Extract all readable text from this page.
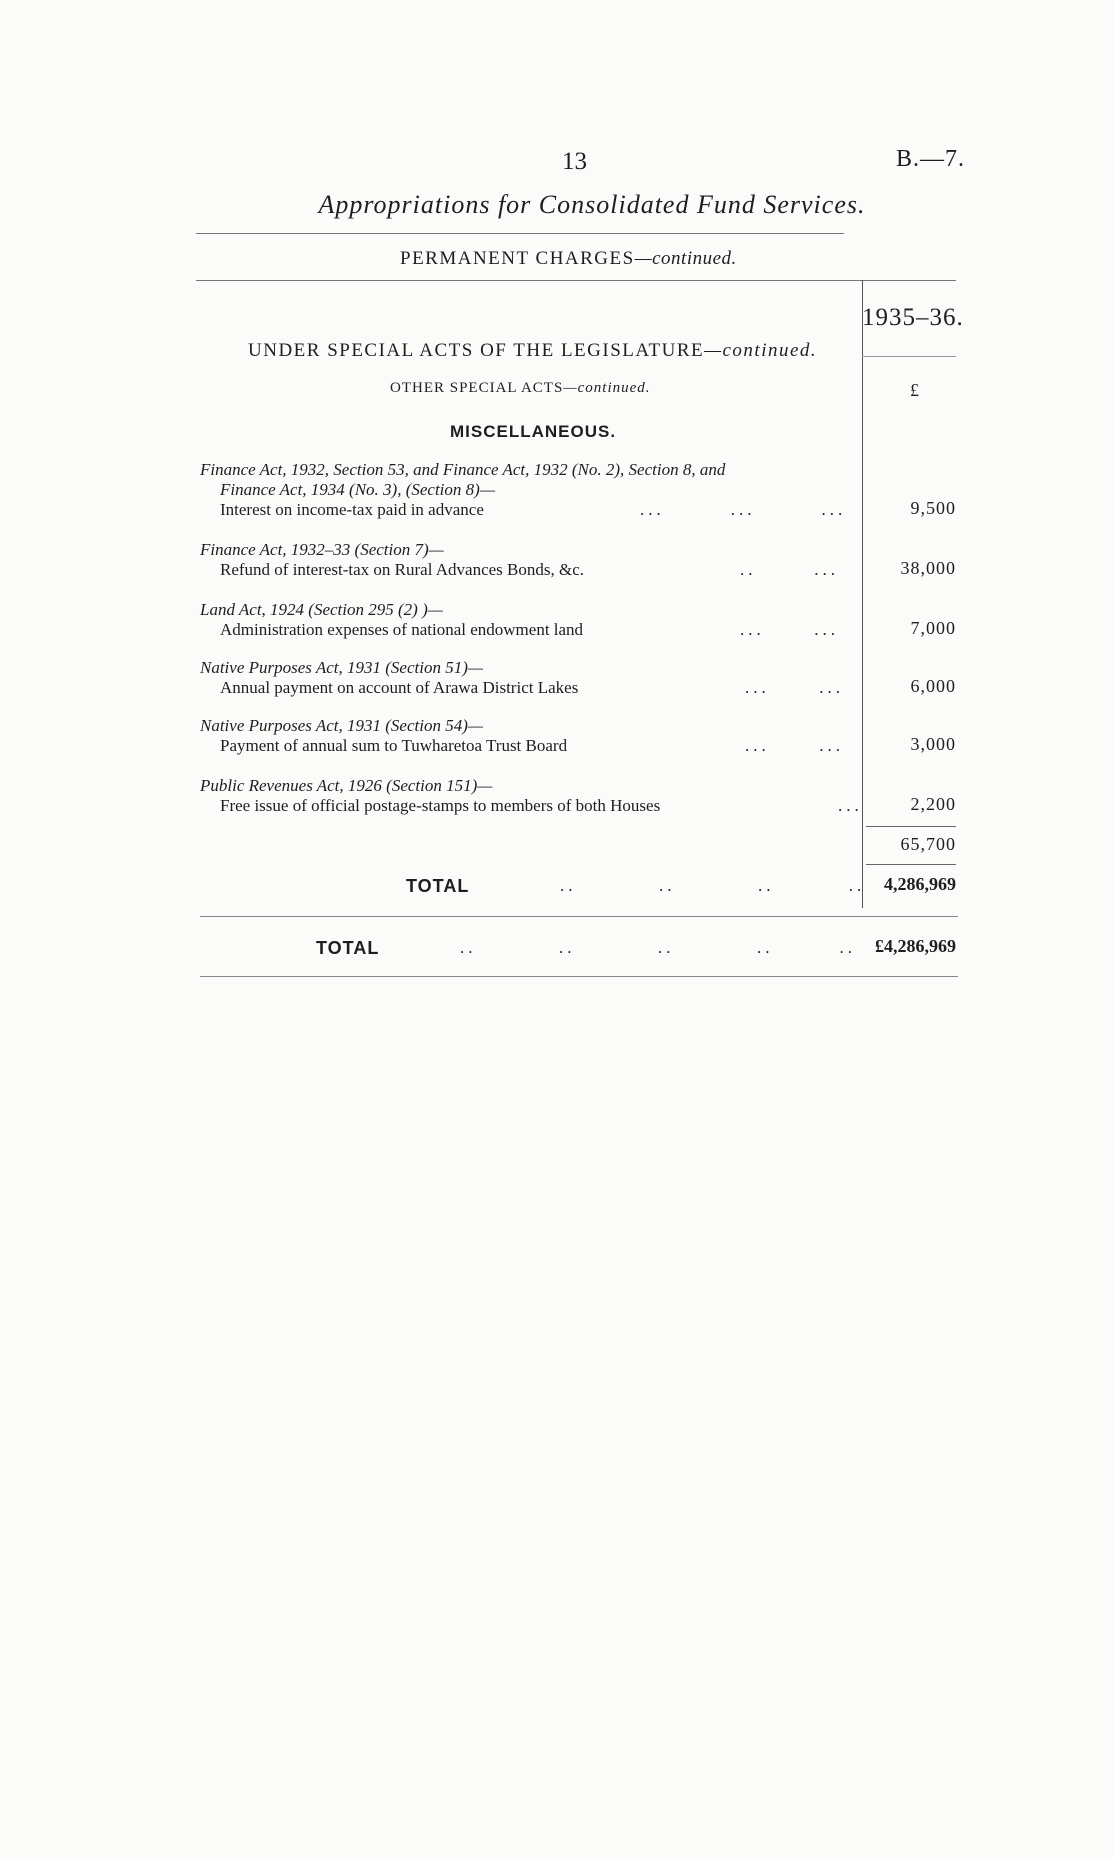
13	B.—7.
Appropriations for Consolidated Fund Services.
PERMANENT CHARGES—continued.
1935–36.
£
UNDER SPECIAL ACTS OF THE LEGISLATURE—continued.
OTHER SPECIAL ACTS—continued.
MISCELLANEOUS.
Finance Act, 1932, Section 53, and Finance Act, 1932 (No. 2), Section 8, and
Finance Act, 1934 (No. 3), (Section 8)—
Interest on income-tax paid in advance	...        ...        ...	9,500
Finance Act, 1932–33 (Section 7)—
Refund of interest-tax on Rural Advances Bonds, &c.	..       ...	38,000
Land Act, 1924 (Section 295 (2) )—
Administration expenses of national endowment land	...      ...	7,000
Native Purposes Act, 1931 (Section 51)—
Annual payment on account of Arawa District Lakes	...      ...	6,000
Native Purposes Act, 1931 (Section 54)—
Payment of annual sum to Tuwharetoa Trust Board	...      ...	3,000
Public Revenues Act, 1926 (Section 151)—
Free issue of official postage-stamps to members of both Houses	...	2,200
65,700
TOTAL	..          ..          ..         .. 4,286,969
TOTAL	..          ..          ..          ..        .. £4,286,969
